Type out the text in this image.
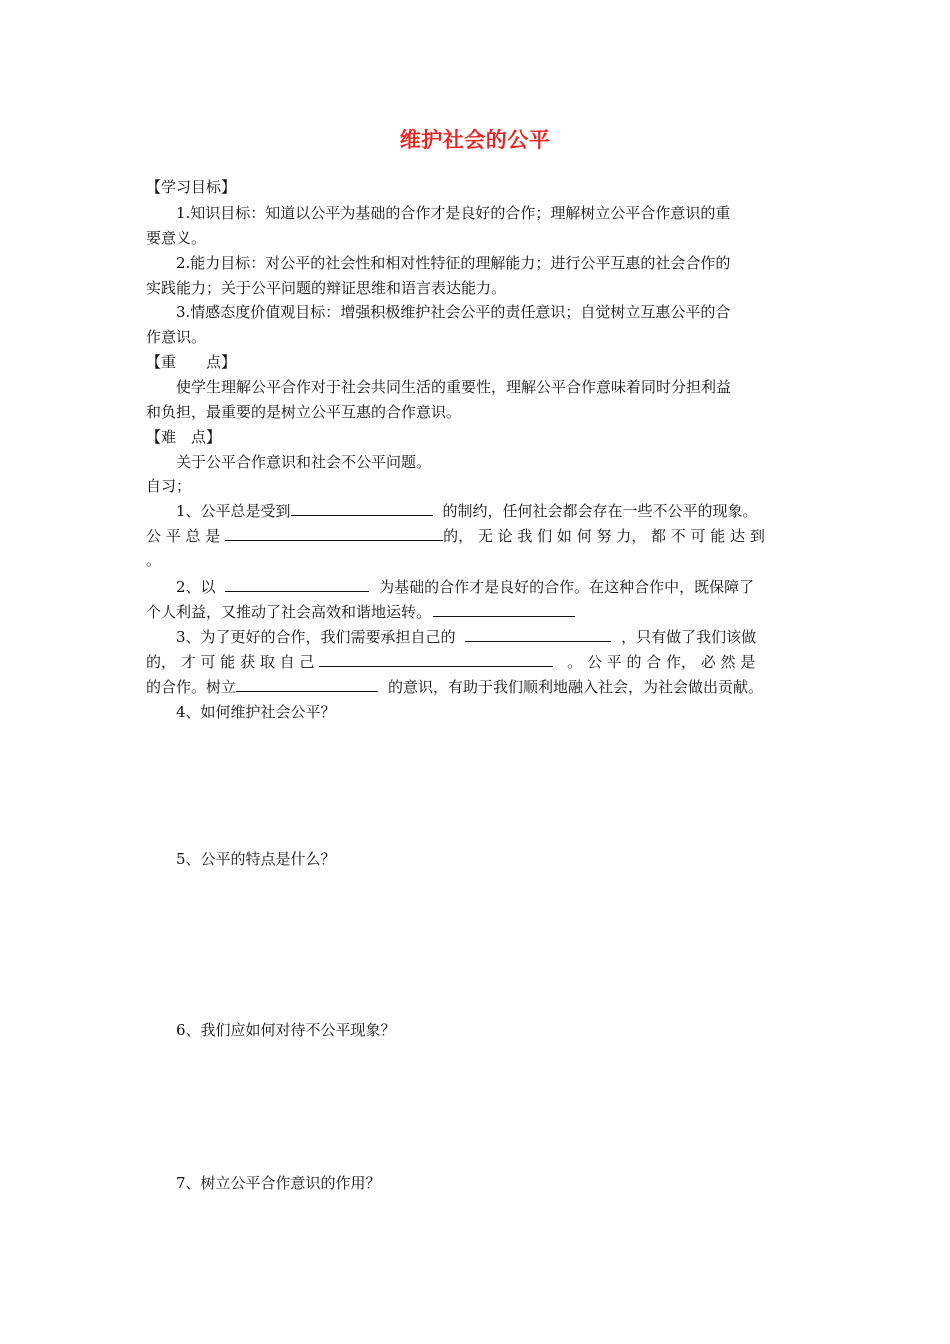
维护社会的公平
【学习目标】
1.知识目标：知道以公平为基础的合作才是良好的合作；理解树立公平合作意识的重
要意义。
2.能力目标：对公平的社会性和相对性特征的理解能力；进行公平互惠的社会合作的
实践能力；关于公平问题的辩证思维和语言表达能力。
3.情感态度价值观目标：增强积极维护社会公平的责任意识；自觉树立互惠公平的合
作意识。
【重　　点】
使学生理解公平合作对于社会共同生活的重要性，理解公平合作意味着同时分担利益
和负担，最重要的是树立公平互惠的合作意识。
【难　点】
关于公平合作意识和社会不公平问题。
自习；
1、公平总是受到	的制约，任何社会都会存在一些不公平的现象。
公 平 总 是	的， 无 论 我 们 如 何 努 力， 都 不 可 能 达 到
。
2、以	为基础的合作才是良好的合作。在这种合作中，既保障了
个人利益，又推动了社会高效和谐地运转。
3、为了更好的合作，我们需要承担自己的	，只有做了我们该做
的， 才 可 能 获 取 自 己	。 公 平 的 合 作， 必 然 是
的合作。树立	的意识，有助于我们顺利地融入社会，为社会做出贡献。
4、如何维护社会公平？
5、公平的特点是什么？
6、我们应如何对待不公平现象？
7、树立公平合作意识的作用？
